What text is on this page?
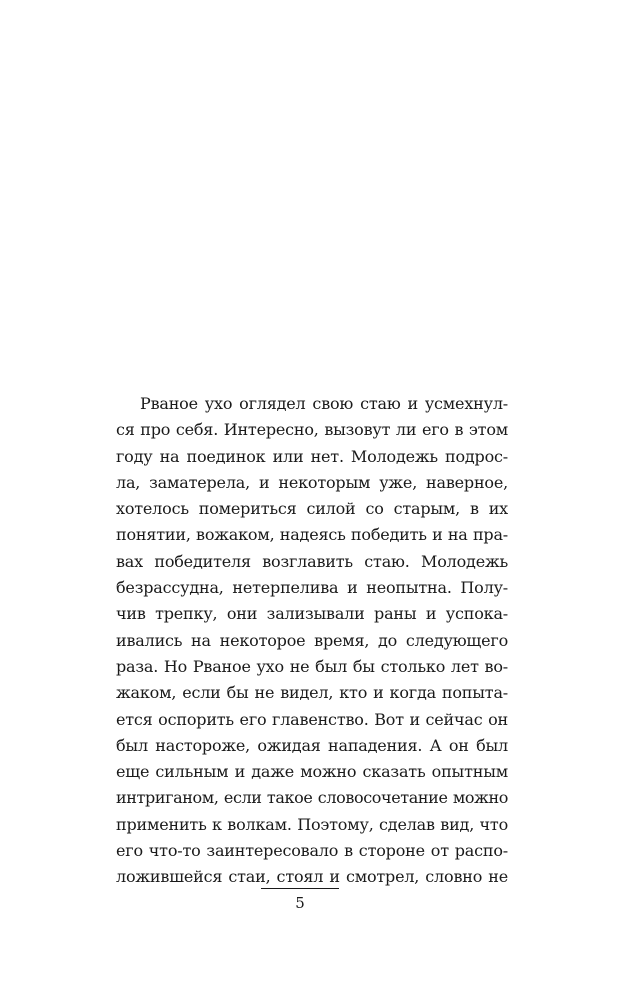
Рваное ухо оглядел свою стаю и усмехнул-
ся про себя. Интересно, вызовут ли его в этом
году на поединок или нет. Молодежь подрос-
ла, заматерела, и некоторым уже, наверное,
хотелось помериться силой со старым, в их
понятии, вожаком, надеясь победить и на пра-
вах победителя возглавить стаю. Молодежь
безрассудна, нетерпелива и неопытна. Полу-
чив трепку, они зализывали раны и успока-
ивались на некоторое время, до следующего
раза. Но Рваное ухо не был бы столько лет во-
жаком, если бы не видел, кто и когда попыта-
ется оспорить его главенство. Вот и сейчас он
был настороже, ожидая нападения. А он был
еще сильным и даже можно сказать опытным
интриганом, если такое словосочетание можно
применить к волкам. Поэтому, сделав вид, что
его что-то заинтересовало в стороне от распо-
ложившейся стаи, стоял и смотрел, словно не
5
